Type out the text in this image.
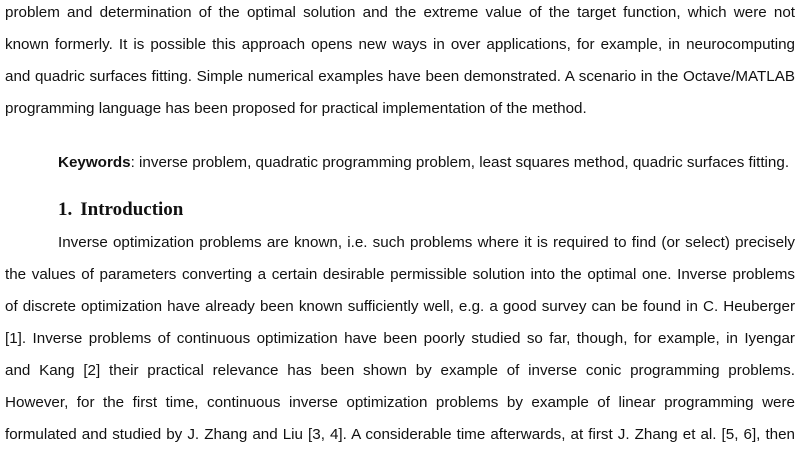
problem and determination of the optimal solution and the extreme value of the target function, which were not
known formerly. It is possible this approach opens new ways in over applications, for example, in neurocomputing
and quadric surfaces fitting. Simple numerical examples have been demonstrated. A scenario in the Octave/MATLAB
programming language has been proposed for practical implementation of the method.
Keywords: inverse problem, quadratic programming problem, least squares method, quadric surfaces fitting.
1. Introduction
Inverse optimization problems are known, i.e. such problems where it is required to find (or select) precisely
the values of parameters converting a certain desirable permissible solution into the optimal one. Inverse problems
of discrete optimization have already been known sufficiently well, e.g. a good survey can be found in C. Heuberger
[1]. Inverse problems of continuous optimization have been poorly studied so far, though, for example, in Iyengar
and Kang [2] their practical relevance has been shown by example of inverse conic programming problems.
However, for the first time, continuous inverse optimization problems by example of linear programming were
formulated and studied by J. Zhang and Liu [3, 4]. A considerable time afterwards, at first J. Zhang et al. [5, 6], then
